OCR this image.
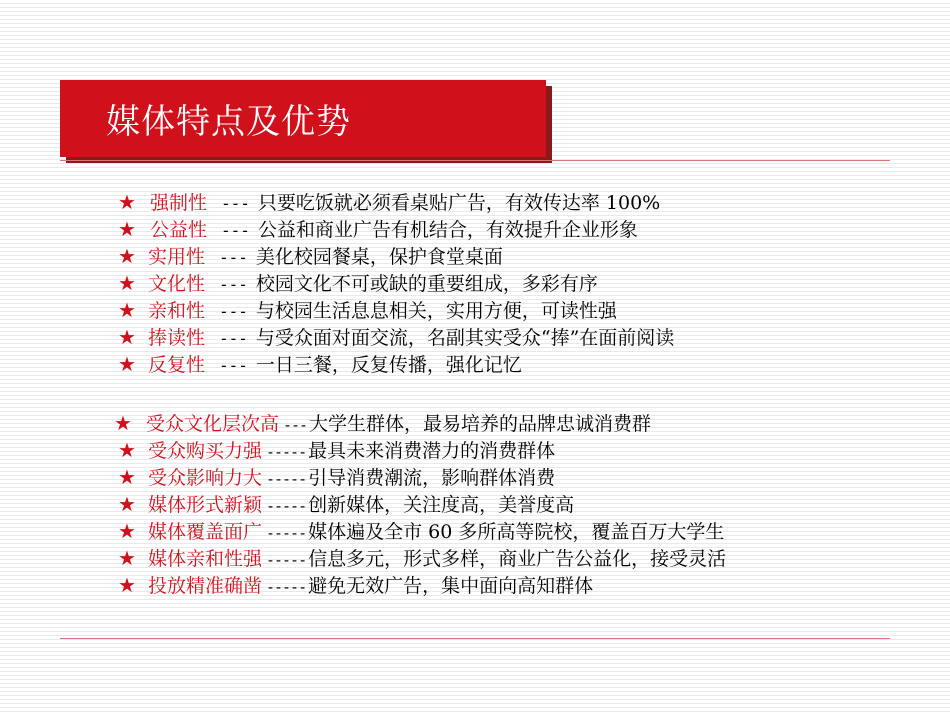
媒体特点及优势
★ 强制性 --- 只要吃饭就必须看桌贴广告，有效传达率 100%
★ 公益性 --- 公益和商业广告有机结合，有效提升企业形象
★ 实用性 --- 美化校园餐桌，保护食堂桌面
★ 文化性 --- 校园文化不可或缺的重要组成，多彩有序
★ 亲和性 --- 与校园生活息息相关，实用方便，可读性强
★ 捧读性 --- 与受众面对面交流，名副其实受众“捧”在面前阅读
★ 反复性 --- 一日三餐，反复传播，强化记忆
★ 受众文化层次高 --- 大学生群体，最易培养的品牌忠诚消费群
★ 受众购买力强 ----- 最具未来消费潜力的消费群体
★ 受众影响力大 ----- 引导消费潮流，影响群体消费
★ 媒体形式新颖 ----- 创新媒体，关注度高，美誉度高
★ 媒体覆盖面广 ----- 媒体遍及全市 60 多所高等院校，覆盖百万大学生
★ 媒体亲和性强 ----- 信息多元，形式多样，商业广告公益化，接受灵活
★ 投放精准确凿 ----- 避免无效广告，集中面向高知群体
